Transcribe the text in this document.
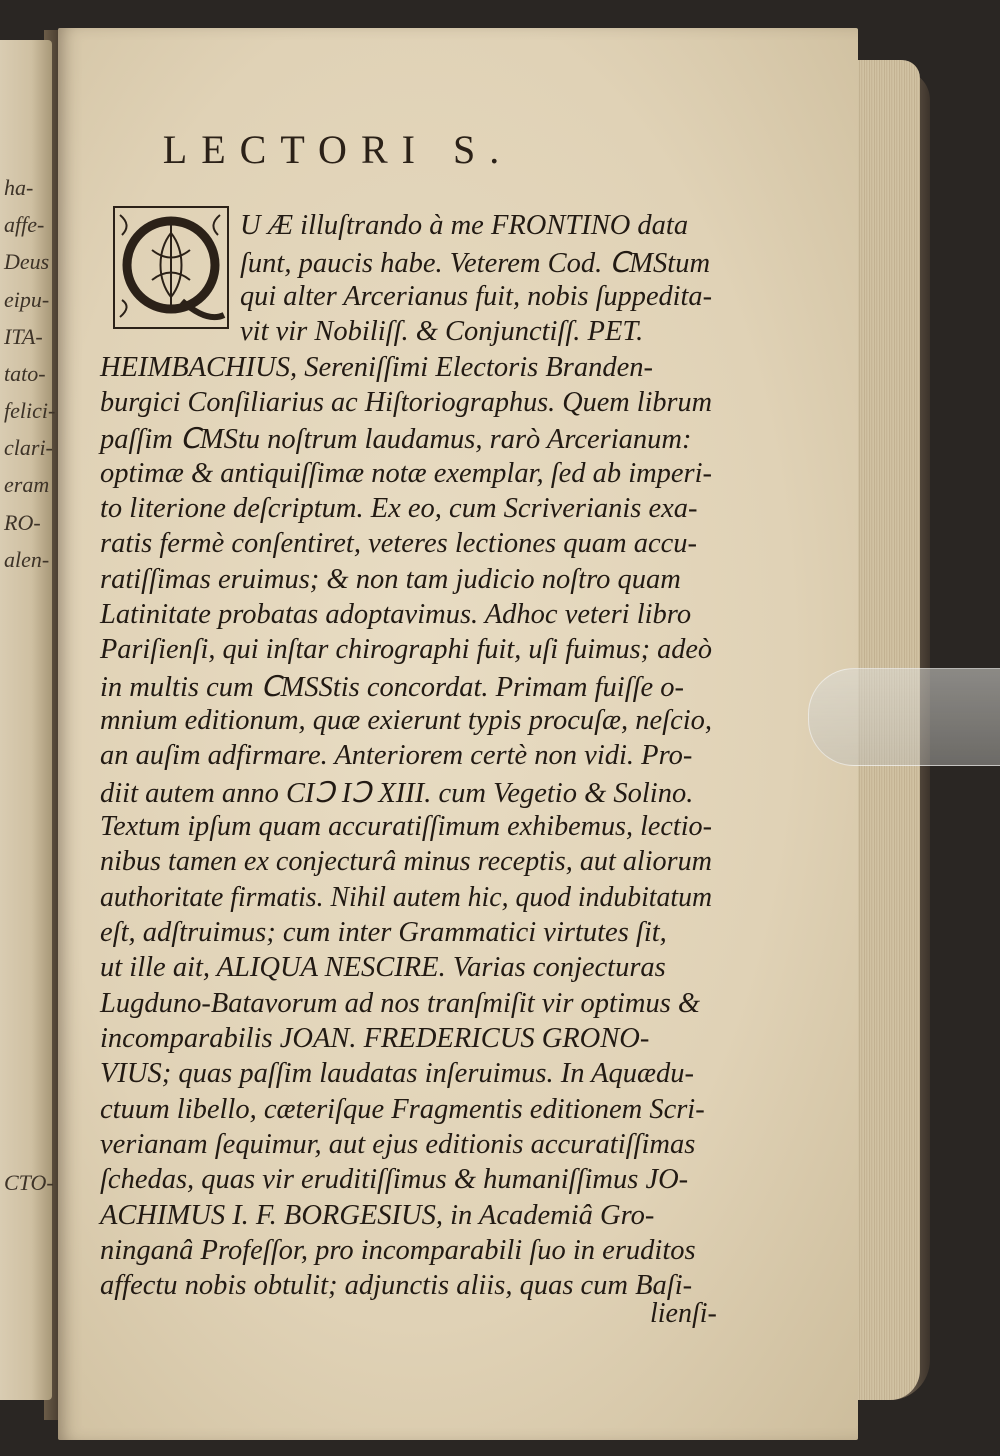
ha-
affe-
Deus
eipu-
ITA-
tato-
felici-
clari-
eram
RO-
alen-
CTO-
LECTORI S.
U Æ illuſtrando à me FRONTINO data
ſunt, paucis habe. Veterem Cod. ⅭMStum
qui alter Arcerianus fuit, nobis ſuppedita-
vit vir Nobiliſſ. & Conjunctiſſ. PET.
HEIMBACHIUS, Sereniſſimi Electoris Branden-
burgici Conſiliarius ac Hiſtoriographus. Quem librum
paſſim ⅭMStu noſtrum laudamus, rarò Arcerianum:
optimæ & antiquiſſimæ notæ exemplar, ſed ab imperi-
to literione deſcriptum. Ex eo, cum Scriverianis exa-
ratis fermè conſentiret, veteres lectiones quam accu-
ratiſſimas eruimus; & non tam judicio noſtro quam
Latinitate probatas adoptavimus. Adhoc veteri libro
Pariſienſi, qui inſtar chirographi fuit, uſi fuimus; adeò
in multis cum ⅭMSStis concordat. Primam fuiſſe o-
mnium editionum, quæ exierunt typis procuſæ, neſcio,
an auſim adfirmare. Anteriorem certè non vidi. Pro-
diit autem anno CIↃ IↃ XIII. cum Vegetio & Solino.
Textum ipſum quam accuratiſſimum exhibemus, lectio-
nibus tamen ex conjecturâ minus receptis, aut aliorum
authoritate firmatis. Nihil autem hic, quod indubitatum
eſt, adſtruimus; cum inter Grammatici virtutes ſit,
ut ille ait, ALIQUA NESCIRE. Varias conjecturas
Lugduno-Batavorum ad nos tranſmiſit vir optimus &
incomparabilis JOAN. FREDERICUS GRONO-
VIUS; quas paſſim laudatas inſeruimus. In Aquædu-
ctuum libello, cæteriſque Fragmentis editionem Scri-
verianam ſequimur, aut ejus editionis accuratiſſimas
ſchedas, quas vir eruditiſſimus & humaniſſimus JO-
ACHIMUS I. F. BORGESIUS, in Academiâ Gro-
ninganâ Profeſſor, pro incomparabili ſuo in eruditos
affectu nobis obtulit; adjunctis aliis, quas cum Baſi-
lienſi-
